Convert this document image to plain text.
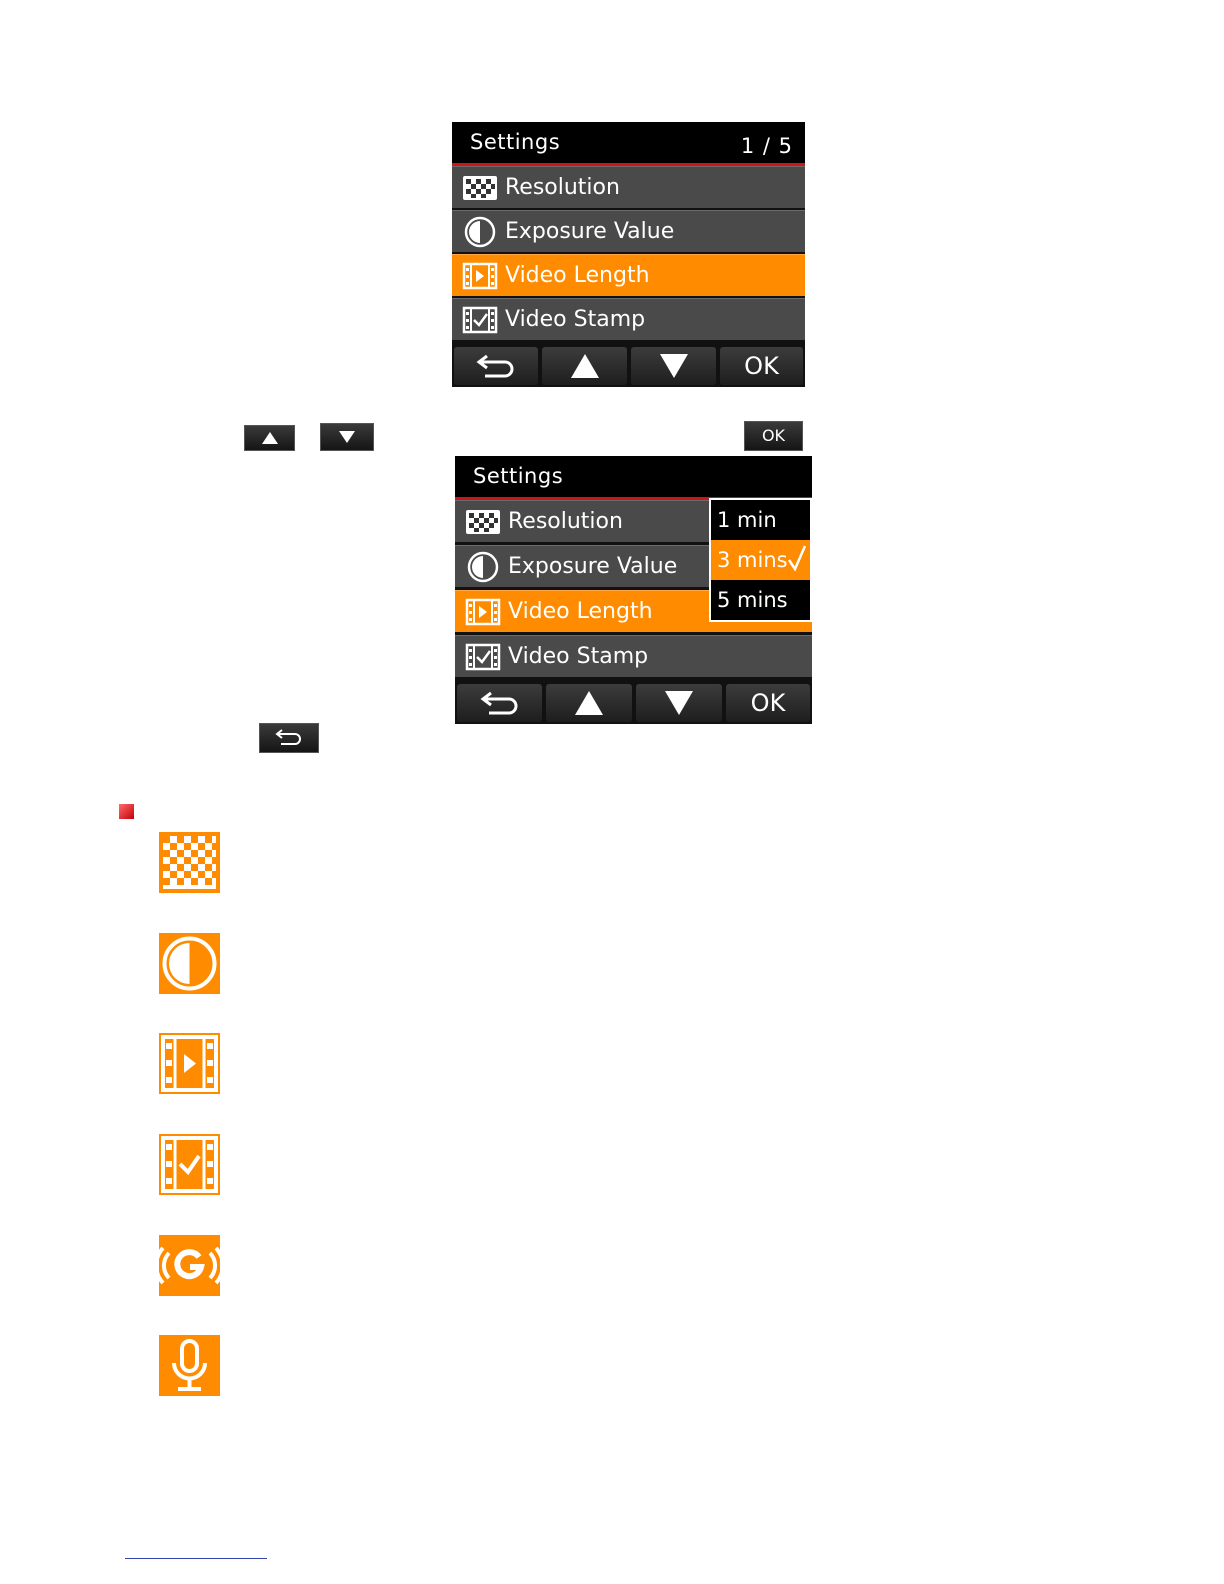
Settings	1 / 5
Resolution
Exposure Value
Video Length
Video Stamp
OK
OK
Settings
Resolution
Exposure Value
Video Length
Video Stamp
1 min
3 mins
5 mins
OK
